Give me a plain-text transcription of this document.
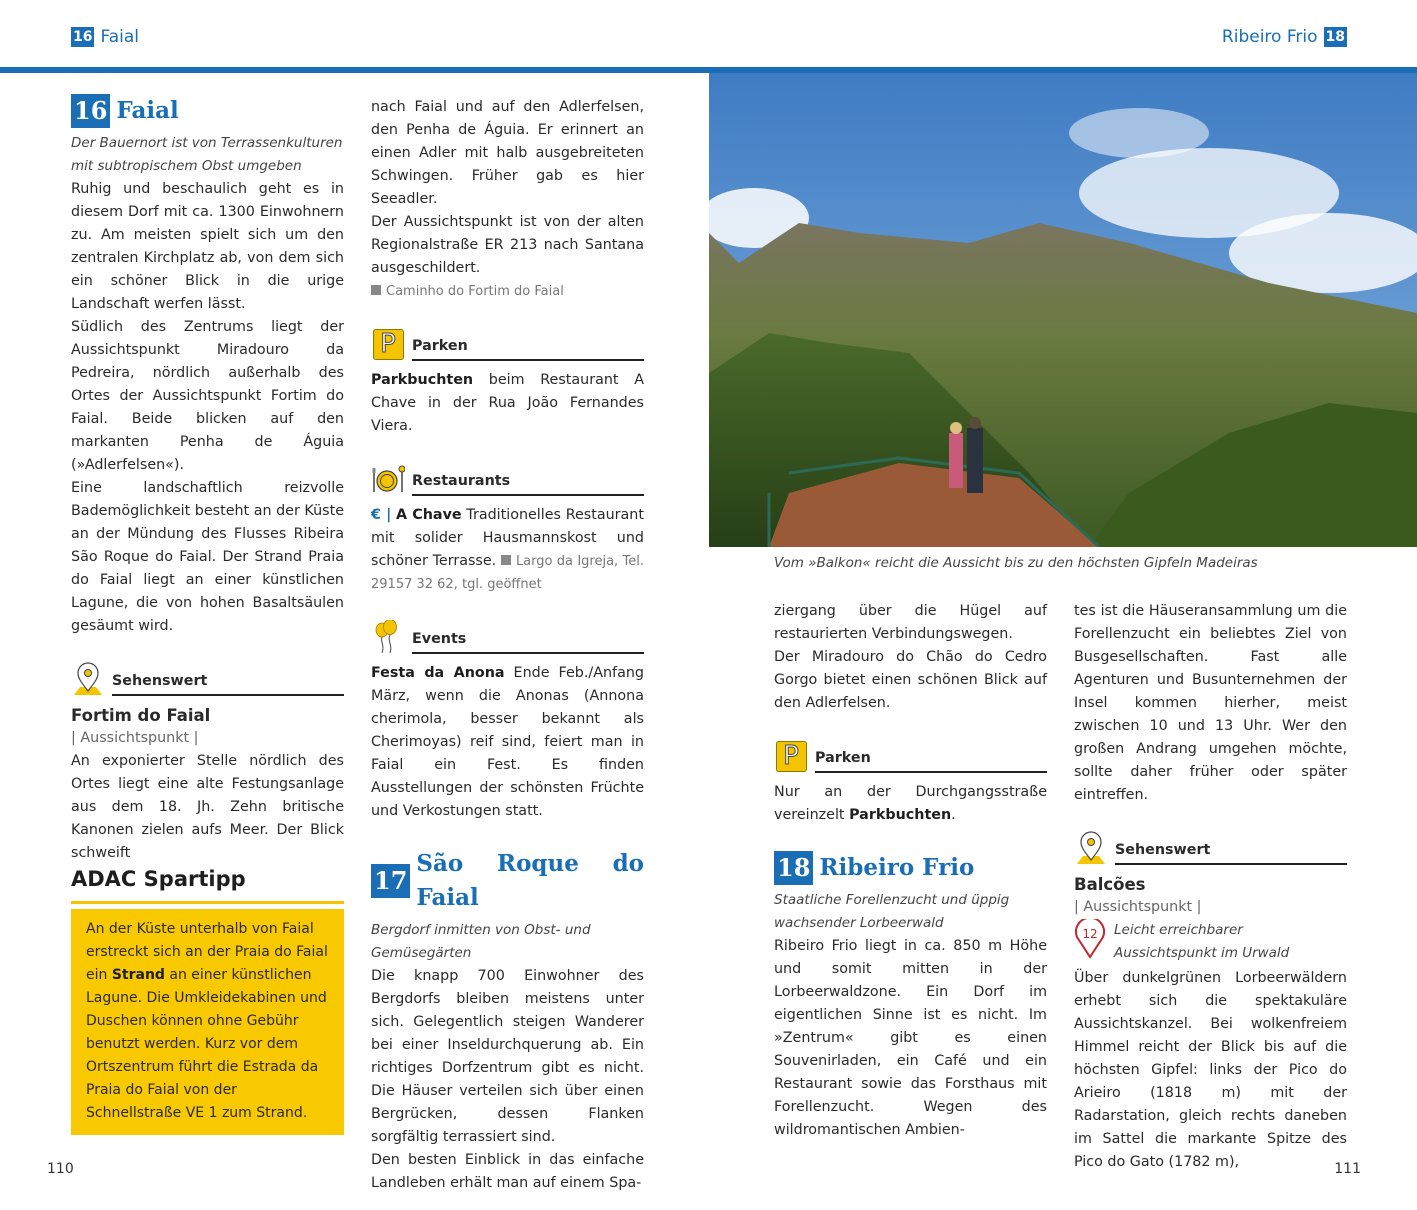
16 Faial	Ribeiro Frio 18
16 Faial

Der Bauernort ist von Terrassenkulturen mit subtropischem Obst umgeben

Ruhig und beschaulich geht es in diesem Dorf mit ca. 1300 Einwohnern zu. Am meisten spielt sich um den zentralen Kirchplatz ab, von dem sich ein schöner Blick in die urige Landschaft werfen lässt.

Südlich des Zentrums liegt der Aussichtspunkt Miradouro da Pedreira, nördlich außerhalb des Ortes der Aussichtspunkt Fortim do Faial. Beide blicken auf den markanten Penha de Águia (»Adlerfelsen«).

Eine landschaftlich reizvolle Bademöglichkeit besteht an der Küste an der Mündung des Flusses Ribeira São Roque do Faial. Der Strand Praia do Faial liegt an einer künstlichen Lagune, die von hohen Basaltsäulen gesäumt wird.

Sehenswert

Fortim do Faial

| Aussichtspunkt |

An exponierter Stelle nördlich des Ortes liegt eine alte Festungsanlage aus dem 18. Jh. Zehn britische Kanonen zielen aufs Meer. Der Blick schweift

ADAC Spartipp

An der Küste unterhalb von Faial erstreckt sich an der Praia do Faial ein Strand an einer künstlichen Lagune. Die Umkleidekabinen und Duschen können ohne Gebühr benutzt werden. Kurz vor dem Ortszentrum führt die Estrada da Praia do Faial von der Schnellstraße VE 1 zum Strand.

nach Faial und auf den Adlerfelsen, den Penha de Águia. Er erinnert an einen Adler mit halb ausgebreiteten Schwingen. Früher gab es hier Seeadler.

Der Aussichtspunkt ist von der alten Regionalstraße ER 213 nach Santana ausgeschildert.

Caminho do Fortim do Faial

P	Parken

Parkbuchten beim Restaurant A Chave in der Rua João Fernandes Viera.

Restaurants

€ | A Chave Traditionelles Restaurant mit solider Hausmannskost und schöner Terrasse. Largo da Igreja, Tel. 29157 32 62, tgl. geöffnet

Events

Festa da Anona Ende Feb./Anfang März, wenn die Anonas (Annona cherimola, besser bekannt als Cherimoyas) reif sind, feiert man in Faial ein Fest. Es finden Ausstellungen der schönsten Früchte und Verkostungen statt.

17
São Roque do Faial

Bergdorf inmitten von Obst- und Gemüsegärten

Die knapp 700 Einwohner des Bergdorfs bleiben meistens unter sich. Gelegentlich steigen Wanderer bei einer Inseldurchquerung ab. Ein richtiges Dorfzentrum gibt es nicht. Die Häuser verteilen sich über einen Bergrücken, dessen Flanken sorgfältig terrassiert sind.

Den besten Einblick in das einfache Landleben erhält man auf einem Spa-

Vom »Balkon« reicht die Aussicht bis zu den höchsten Gipfeln Madeiras

ziergang über die Hügel auf restaurierten Verbindungswegen.

Der Miradouro do Chão do Cedro Gorgo bietet einen schönen Blick auf den Adlerfelsen.

P	Parken

Nur an der Durchgangsstraße vereinzelt Parkbuchten.

18 Ribeiro Frio

Staatliche Forellenzucht und üppig wachsender Lorbeerwald

Ribeiro Frio liegt in ca. 850 m Höhe und somit mitten in der Lorbeerwaldzone. Ein Dorf im eigentlichen Sinne ist es nicht. Im »Zentrum« gibt es einen Souvenirladen, ein Café und ein Restaurant sowie das Forsthaus mit Forellenzucht. Wegen des wildromantischen Ambien-

tes ist die Häuseransammlung um die Forellenzucht ein beliebtes Ziel von Busgesellschaften. Fast alle Agenturen und Busunternehmen der Insel kommen hierher, meist zwischen 10 und 13 Uhr. Wer den großen Andrang umgehen möchte, sollte daher früher oder später eintreffen.

Sehenswert

Balcões

| Aussichtspunkt |

12 Leicht erreichbarer Aussichtspunkt im Urwald

Über dunkelgrünen Lorbeerwäldern erhebt sich die spektakuläre Aussichtskanzel. Bei wolkenfreiem Himmel reicht der Blick bis auf die höchsten Gipfel: links der Pico do Arieiro (1818 m) mit der Radarstation, gleich rechts daneben im Sattel die markante Spitze des Pico do Gato (1782 m),

110	111
